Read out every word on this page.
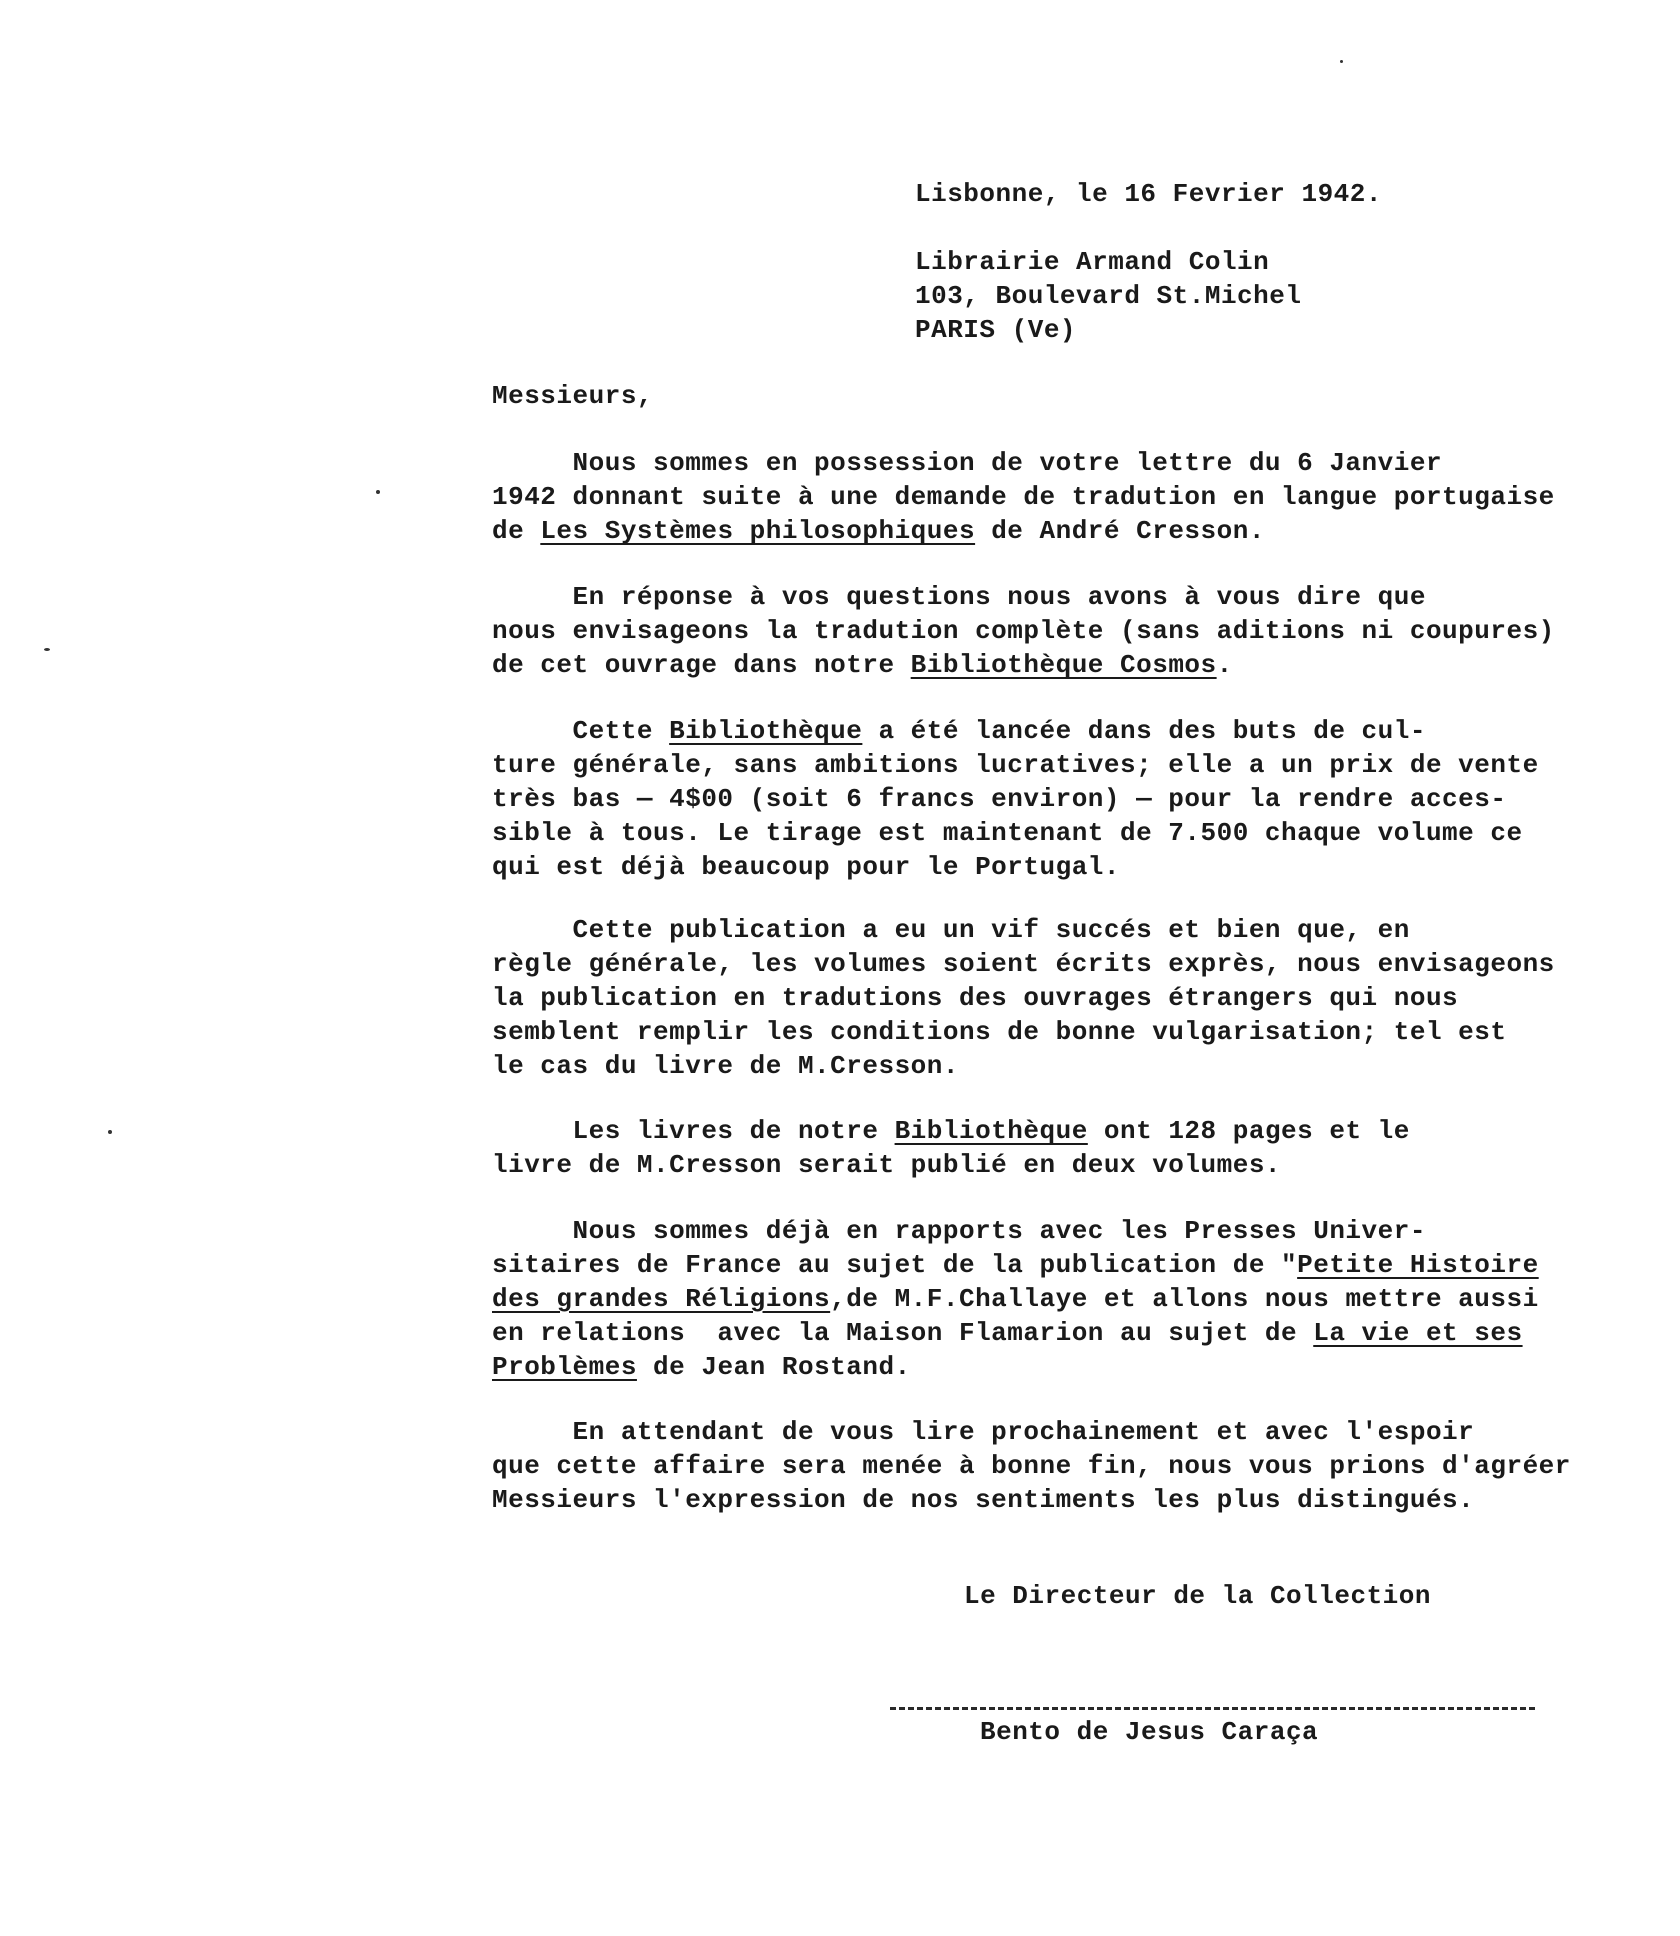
Lisbonne, le 16 Fevrier 1942.
Librairie Armand Colin
103, Boulevard St.Michel
PARIS (Ve)
Messieurs,
Nous sommes en possession de votre lettre du 6 Janvier
1942 donnant suite à une demande de tradution en langue portugaise
de Les Systèmes philosophiques de André Cresson.
En réponse à vos questions nous avons à vous dire que
nous envisageons la tradution complète (sans aditions ni coupures)
de cet ouvrage dans notre Bibliothèque Cosmos.
Cette Bibliothèque a été lancée dans des buts de cul-
ture générale, sans ambitions lucratives; elle a un prix de vente
très bas — 4$00 (soit 6 francs environ) — pour la rendre acces-
sible à tous. Le tirage est maintenant de 7.500 chaque volume ce
qui est déjà beaucoup pour le Portugal.
Cette publication a eu un vif succés et bien que, en
règle générale, les volumes soient écrits exprès, nous envisageons
la publication en tradutions des ouvrages étrangers qui nous
semblent remplir les conditions de bonne vulgarisation; tel est
le cas du livre de M.Cresson.
Les livres de notre Bibliothèque ont 128 pages et le
livre de M.Cresson serait publié en deux volumes.
Nous sommes déjà en rapports avec les Presses Univer-
sitaires de France au sujet de la publication de "Petite Histoire
des grandes Réligions,de M.F.Challaye et allons nous mettre aussi
en relations  avec la Maison Flamarion au sujet de La vie et ses
Problèmes de Jean Rostand.
En attendant de vous lire prochainement et avec l'espoir
que cette affaire sera menée à bonne fin, nous vous prions d'agréer
Messieurs l'expression de nos sentiments les plus distingués.
Le Directeur de la Collection
Bento de Jesus Caraça
